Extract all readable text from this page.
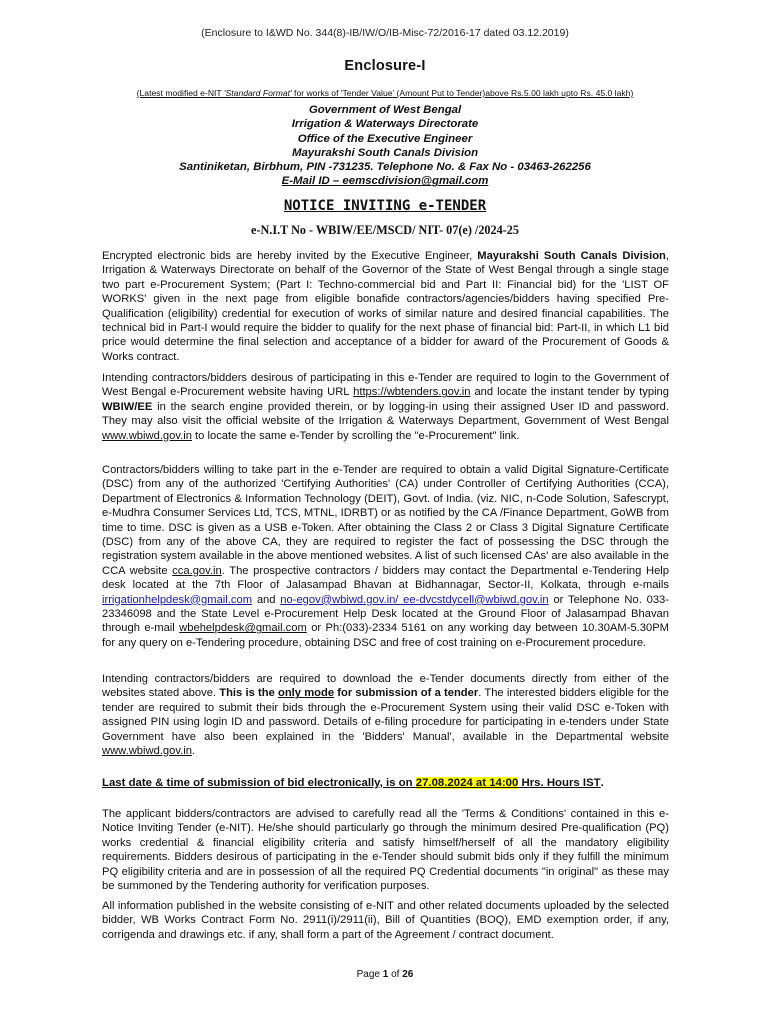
(Enclosure to I&WD No. 344(8)-IB/IW/O/IB-Misc-72/2016-17 dated 03.12.2019)
Enclosure-I
(Latest modified e-NIT 'Standard Format' for works of 'Tender Value' (Amount Put to Tender)above Rs.5.00 lakh upto Rs. 45.0 lakh)
Government of West Bengal
Irrigation & Waterways Directorate
Office of the Executive Engineer
Mayurakshi South Canals Division
Santiniketan, Birbhum, PIN -731235. Telephone No. & Fax No - 03463-262256
E-Mail ID – eemscdivision@gmail.com
NOTICE INVITING e-TENDER
e-N.I.T No - WBIW/EE/MSCD/ NIT- 07(e) /2024-25

Encrypted electronic bids are hereby invited by the Executive Engineer, Mayurakshi South Canals Division, Irrigation & Waterways Directorate on behalf of the Governor of the State of West Bengal through a single stage two part e-Procurement System; (Part I: Techno-commercial bid and Part II: Financial bid) for the 'LIST OF WORKS' given in the next page from eligible bonafide contractors/agencies/bidders having specified Pre-Qualification (eligibility) credential for execution of works of similar nature and desired financial capabilities. The technical bid in Part-I would require the bidder to qualify for the next phase of financial bid: Part-II, in which L1 bid price would determine the final selection and acceptance of a bidder for award of the Procurement of Goods & Works contract.

Intending contractors/bidders desirous of participating in this e-Tender are required to login to the Government of West Bengal e-Procurement website having URL https://wbtenders.gov.in and locate the instant tender by typing WBIW/EE in the search engine provided therein, or by logging-in using their assigned User ID and password. They may also visit the official website of the Irrigation & Waterways Department, Government of West Bengal www.wbiwd.gov.in to locate the same e-Tender by scrolling the "e-Procurement" link.

Contractors/bidders willing to take part in the e-Tender are required to obtain a valid Digital Signature-Certificate (DSC) from any of the authorized 'Certifying Authorities' (CA) under Controller of Certifying Authorities (CCA), Department of Electronics & Information Technology (DEIT), Govt. of India. (viz. NIC, n-Code Solution, Safescrypt, e-Mudhra Consumer Services Ltd, TCS, MTNL, IDRBT) or as notified by the CA /Finance Department, GoWB from time to time. DSC is given as a USB e-Token. After obtaining the Class 2 or Class 3 Digital Signature Certificate (DSC) from any of the above CA, they are required to register the fact of possessing the DSC through the registration system available in the above mentioned websites. A list of such licensed CAs' are also available in the CCA website cca.gov.in. The prospective contractors / bidders may contact the Departmental e-Tendering Help desk located at the 7th Floor of Jalasampad Bhavan at Bidhannagar, Sector-II, Kolkata, through e-mails irrigationhelpdesk@gmail.com and no-egov@wbiwd.gov.in/ ee-dvcstdycell@wbiwd.gov.in or Telephone No. 033-23346098 and the State Level e-Procurement Help Desk located at the Ground Floor of Jalasampad Bhavan through e-mail wbehelpdesk@gmail.com or Ph:(033)-2334 5161 on any working day between 10.30AM-5.30PM for any query on e-Tendering procedure, obtaining DSC and free of cost training on e-Procurement procedure.

Intending contractors/bidders are required to download the e-Tender documents directly from either of the websites stated above. This is the only mode for submission of a tender. The interested bidders eligible for the tender are required to submit their bids through the e-Procurement System using their valid DSC e-Token with assigned PIN using login ID and password. Details of e-filing procedure for participating in e-tenders under State Government have also been explained in the 'Bidders' Manual', available in the Departmental website www.wbiwd.gov.in.

Last date & time of submission of bid electronically, is on 27.08.2024 at 14:00 Hrs. Hours IST.

The applicant bidders/contractors are advised to carefully read all the 'Terms & Conditions' contained in this e-Notice Inviting Tender (e-NIT). He/she should particularly go through the minimum desired Pre-qualification (PQ) works credential & financial eligibility criteria and satisfy himself/herself of all the mandatory eligibility requirements. Bidders desirous of participating in the e-Tender should submit bids only if they fulfill the minimum PQ eligibility criteria and are in possession of all the required PQ Credential documents "in original" as these may be summoned by the Tendering authority for verification purposes.

All information published in the website consisting of e-NIT and other related documents uploaded by the selected bidder, WB Works Contract Form No. 2911(i)/2911(ii), Bill of Quantities (BOQ), EMD exemption order, if any, corrigenda and drawings etc. if any, shall form a part of the Agreement / contract document.

Page 1 of 26
